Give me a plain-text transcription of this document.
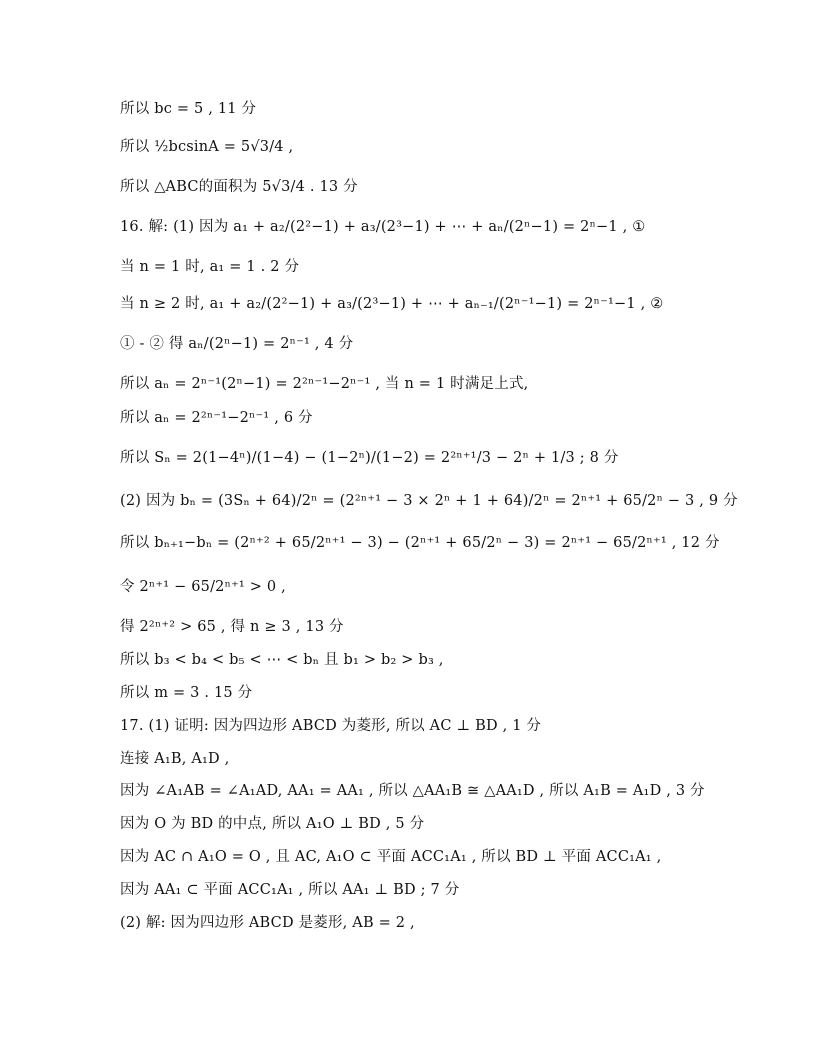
所以 bc = 5 , 11 分
所以 ½bcsinA = 5√3/4 ,
所以 △ABC的面积为 5√3/4 . 13 分
16. 解: (1) 因为 a₁ + a₂/(2²−1) + a₃/(2³−1) + ⋯ + aₙ/(2ⁿ−1) = 2ⁿ−1 , ①
当 n = 1 时, a₁ = 1 . 2 分
当 n ≥ 2 时, a₁ + a₂/(2²−1) + a₃/(2³−1) + ⋯ + aₙ₋₁/(2ⁿ⁻¹−1) = 2ⁿ⁻¹−1 , ②
① - ② 得 aₙ/(2ⁿ−1) = 2ⁿ⁻¹ , 4 分
所以 aₙ = 2ⁿ⁻¹(2ⁿ−1) = 2²ⁿ⁻¹−2ⁿ⁻¹ , 当 n = 1 时满足上式,
所以 aₙ = 2²ⁿ⁻¹−2ⁿ⁻¹ , 6 分
所以 Sₙ = 2(1−4ⁿ)/(1−4) − (1−2ⁿ)/(1−2) = 2²ⁿ⁺¹/3 − 2ⁿ + 1/3 ; 8 分
(2) 因为 bₙ = (3Sₙ + 64)/2ⁿ = (2²ⁿ⁺¹ − 3 × 2ⁿ + 1 + 64)/2ⁿ = 2ⁿ⁺¹ + 65/2ⁿ − 3 , 9 分
所以 bₙ₊₁−bₙ = (2ⁿ⁺² + 65/2ⁿ⁺¹ − 3) − (2ⁿ⁺¹ + 65/2ⁿ − 3) = 2ⁿ⁺¹ − 65/2ⁿ⁺¹ , 12 分
令 2ⁿ⁺¹ − 65/2ⁿ⁺¹ > 0 ,
得 2²ⁿ⁺² > 65 , 得 n ≥ 3 , 13 分
所以 b₃ < b₄ < b₅ < ⋯ < bₙ 且 b₁ > b₂ > b₃ ,
所以 m = 3 . 15 分
17. (1) 证明: 因为四边形 ABCD 为菱形, 所以 AC ⊥ BD , 1 分
连接 A₁B, A₁D ,
因为 ∠A₁AB = ∠A₁AD, AA₁ = AA₁ , 所以 △AA₁B ≅ △AA₁D , 所以 A₁B = A₁D , 3 分
因为 O 为 BD 的中点, 所以 A₁O ⊥ BD , 5 分
因为 AC ∩ A₁O = O , 且 AC, A₁O ⊂ 平面 ACC₁A₁ , 所以 BD ⊥ 平面 ACC₁A₁ ,
因为 AA₁ ⊂ 平面 ACC₁A₁ , 所以 AA₁ ⊥ BD ; 7 分
(2) 解: 因为四边形 ABCD 是菱形, AB = 2 ,
